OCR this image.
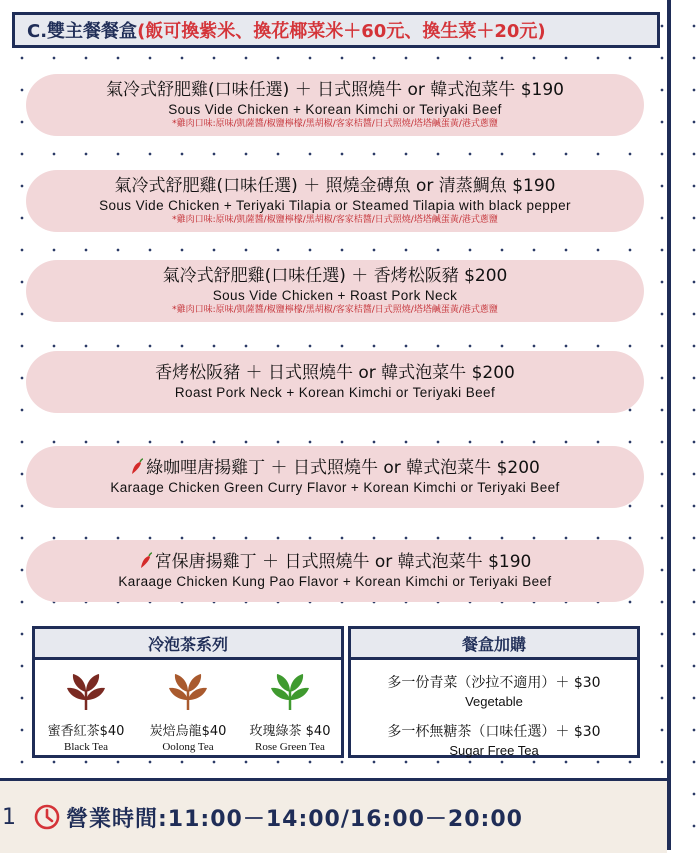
C.雙主餐餐盒 (飯可換紫米、換花椰菜米＋60元、換生菜＋20元)
氣冷式舒肥雞(口味任選) ＋ 日式照燒牛 or 韓式泡菜牛 $190
Sous Vide Chicken + Korean Kimchi or Teriyaki Beef
*雞肉口味:原味/凱薩醬/椒鹽檸檬/黑胡椒/客家桔醬/日式照燒/塔塔鹹蛋黃/港式蔥鹽
氣冷式舒肥雞(口味任選) ＋ 照燒金磚魚 or 清蒸鯛魚 $190
Sous Vide Chicken + Teriyaki Tilapia or Steamed Tilapia with black pepper
*雞肉口味:原味/凱薩醬/椒鹽檸檬/黑胡椒/客家桔醬/日式照燒/塔塔鹹蛋黃/港式蔥鹽
氣冷式舒肥雞(口味任選) ＋ 香烤松阪豬 $200
Sous Vide Chicken + Roast Pork Neck
*雞肉口味:原味/凱薩醬/椒鹽檸檬/黑胡椒/客家桔醬/日式照燒/塔塔鹹蛋黃/港式蔥鹽
香烤松阪豬 ＋ 日式照燒牛 or 韓式泡菜牛 $200
Roast Pork Neck + Korean Kimchi or Teriyaki Beef
綠咖哩唐揚雞丁 ＋ 日式照燒牛 or 韓式泡菜牛 $200
Karaage Chicken Green Curry Flavor + Korean Kimchi or Teriyaki Beef
宮保唐揚雞丁 ＋ 日式照燒牛 or 韓式泡菜牛 $190
Karaage Chicken Kung Pao Flavor + Korean Kimchi or Teriyaki Beef
冷泡茶系列
蜜香紅茶$40
Black Tea
炭焙烏龍$40
Oolong Tea
玫瑰綠茶 $40
Rose Green Tea
餐盒加購
多一份青菜（沙拉不適用）＋ $30
Vegetable
多一杯無糖茶（口味任選）＋ $30
Sugar Free Tea
1	營業時間:11:00－14:00/16:00－20:00
